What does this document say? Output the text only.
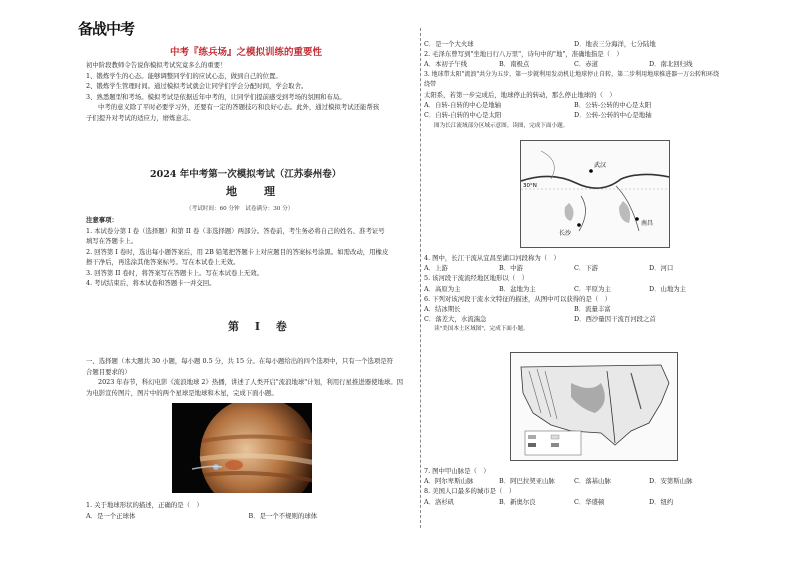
备战中考
中考『练兵场』之模拟训练的重要性

初中阶段教师令告说你模拟考试究竟多么的重要！

1、锻炼学生的心态。能够调整同学们的应试心态，做到自己的位置。

2、锻炼学生管理时间。通过模拟考试就会让同学们学会分配时间，学会取舍。

3、熟悉题型和考场。模拟考试是依据近年中考的，让同学们提前感受到考场的氛围和布局。

中考的意义除了平时必要学习外，还要有一定的答题技巧和良好心态。此外，通过模拟考试还能帮孩

子们提升对考试的适应力，磨炼意志。

2024 年中考第一次模拟考试（江苏泰州卷）
地　理
（考试时间：60 分钟　试卷满分：30 分）

注意事项：

1. 本试卷分第 I 卷（选择题）和第 II 卷（非选择题）两部分。答卷前，考生务必将自己的姓名、准考证号

填写在答题卡上。

2. 回答第 I 卷时，选出每小题答案后，用 2B 铅笔把答题卡上对应题目的答案标号涂黑。如需改动，用橡皮

擦干净后，再选涂其他答案标号。写在本试卷上无效。

3. 回答第 II 卷时，将答案写在答题卡上。写在本试卷上无效。

4. 考试结束后，将本试卷和答题卡一并交回。

第 I 卷

一、选择题（本大题共 30 小题，每小题 0.5 分，共 15 分。在每小题给出的四个选项中，只有一个选项是符

合题目要求的）

2023 年春节，科幻电影《流浪地球 2》热播，讲述了人类开启"流浪地球"计划，利用行星推进器使地球。因

为电影宣传图片，图片中的两个星球是地球和木星，完成下面小题。

1. 关于地球形状的描述，正确的是（　）

A．是一个正球体	B．是一个不规则的球体
C．是一个大火球	D．地表三分海洋，七分陆地

2. 毛泽东曾写到"坐地日行八万里"，诗句中的"地"，准确地指是（　）

A．本初子午线	B．南极点	C．赤道	D．南北回归线

3. 地球带太阳"流浪"共分为五步，第一步就利用发动机让地球停止自转，第二步利用地球推进器一万公转和环绕绕带

太阳系，若第一步完成后，地球停止的转动，那么停止地球的（　）

A．自转-自转的中心是地轴	B．公转-公转的中心是太阳
C．自转-自转的中心是太阳	D．公转-公转的中心是地轴

图为长江流域部分区域示意图。读图，完成下面小题。

武汉
30°N
长沙
南昌

4. 图中，长江干流从宜昌至湖口河段称为（　）

A．上游	B．中游	C．下游	D．河口

5. 该河段干流流经地区地形以（　）

A．高原为主	B．盆地为主	C．平原为主	D．山地为主

6. 下列对该河段干流水文特征的描述，从图中可以获得的是（　）

A．结冰期长	B．流量丰富
C．落差大，水流湍急	D．西沙量因干流百河段之首

读"美国本土区域图"，完成下面小题。

7. 图中甲山脉是（　）

A．阿尔卑斯山脉	B．阿巴拉契亚山脉	C．落基山脉	D．安第斯山脉

8. 美国人口最多的城市是（　）

A．洛杉矶	B．新奥尔良	C．华盛顿	D．纽约
